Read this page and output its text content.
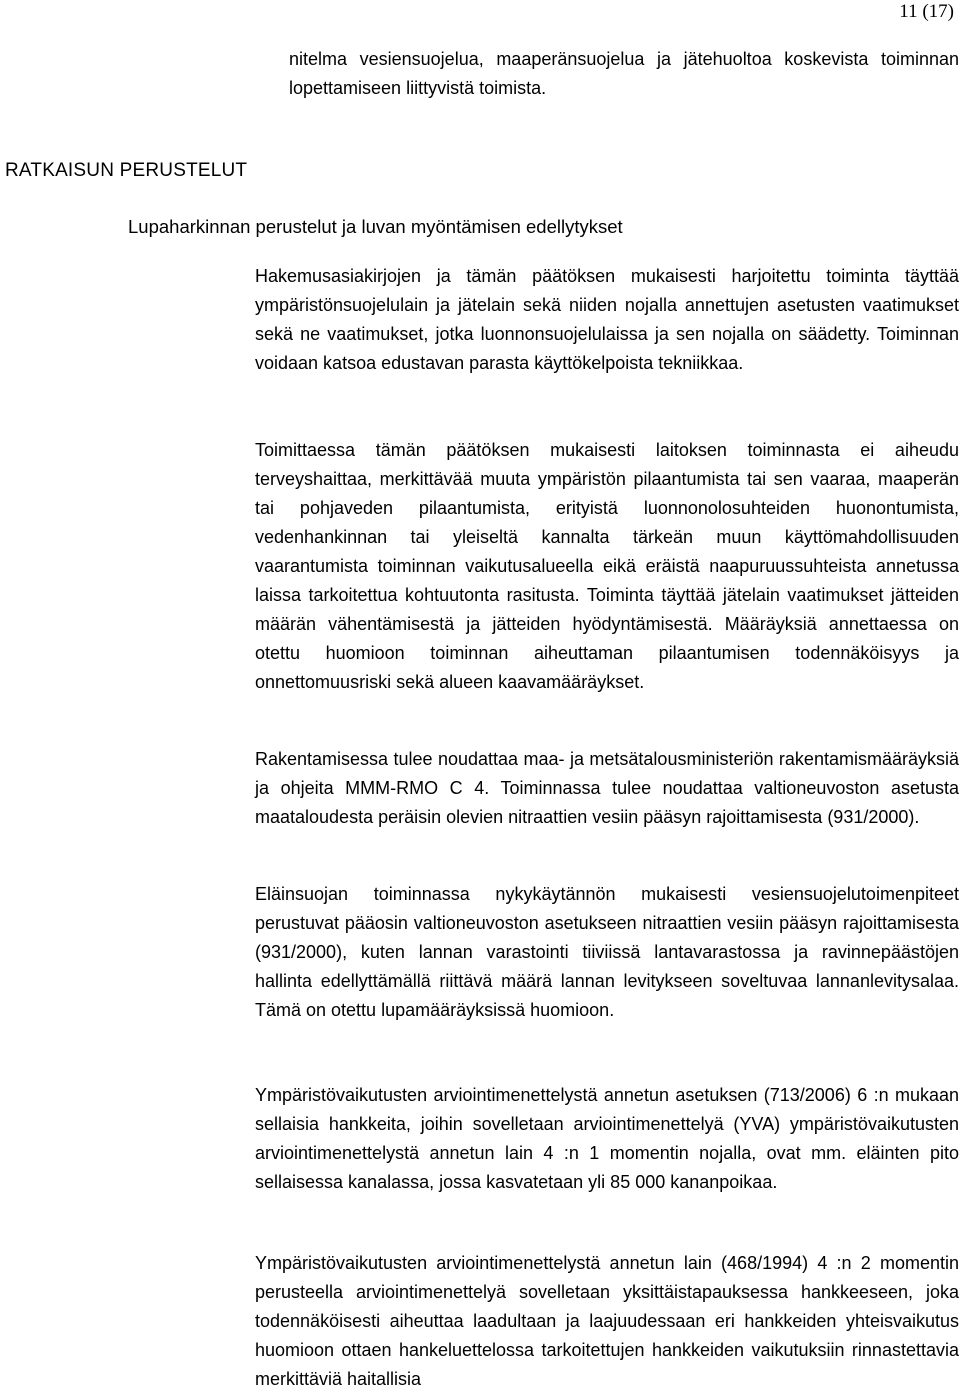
11 (17)

nitelma vesiensuojelua, maaperänsuojelua ja jätehuoltoa koskevista toiminnan lopettamiseen liittyvistä toimista.

RATKAISUN PERUSTELUT
Lupaharkinnan perustelut ja luvan myöntämisen edellytykset

Hakemusasiakirjojen ja tämän päätöksen mukaisesti harjoitettu toiminta täyttää ympäristönsuojelulain ja jätelain sekä niiden nojalla annettujen asetusten vaatimukset sekä ne vaatimukset, jotka luonnonsuojelulaissa ja sen nojalla on säädetty. Toiminnan voidaan katsoa edustavan parasta käyttökelpoista tekniikkaa.

Toimittaessa tämän päätöksen mukaisesti laitoksen toiminnasta ei aiheudu terveyshaittaa, merkittävää muuta ympäristön pilaantumista tai sen vaaraa, maaperän tai pohjaveden pilaantumista, erityistä luonnonolosuhteiden huonontumista, vedenhankinnan tai yleiseltä kannalta tärkeän muun käyttömahdollisuuden vaarantumista toiminnan vaikutusalueella eikä eräistä naapuruussuhteista annetussa laissa tarkoitettua kohtuutonta rasitusta. Toiminta täyttää jätelain vaatimukset jätteiden määrän vähentämisestä ja jätteiden hyödyntämisestä. Määräyksiä annettaessa on otettu huomioon toiminnan aiheuttaman pilaantumisen todennäköisyys ja onnettomuusriski sekä alueen kaavamääräykset.

Rakentamisessa tulee noudattaa maa- ja metsätalousministeriön rakentamismääräyksiä ja ohjeita MMM-RMO C 4. Toiminnassa tulee noudattaa valtioneuvoston asetusta maataloudesta peräisin olevien nitraattien vesiin pääsyn rajoittamisesta (931/2000).

Eläinsuojan toiminnassa nykykäytännön mukaisesti vesiensuojelutoimenpiteet perustuvat pääosin valtioneuvoston asetukseen nitraattien vesiin pääsyn rajoittamisesta (931/2000), kuten lannan varastointi tiiviissä lantavarastossa ja ravinnepäästöjen hallinta edellyttämällä riittävä määrä lannan levitykseen soveltuvaa lannanlevitysalaa. Tämä on otettu lupamääräyksissä huomioon.

Ympäristövaikutusten arviointimenettelystä annetun asetuksen (713/2006) 6 :n mukaan sellaisia hankkeita, joihin sovelletaan arviointimenettelyä (YVA) ympäristövaikutusten arviointimenettelystä annetun lain 4 :n 1 momentin nojalla, ovat mm. eläinten pito sellaisessa kanalassa, jossa kasvatetaan yli 85 000 kananpoikaa.

Ympäristövaikutusten arviointimenettelystä annetun lain (468/1994) 4 :n 2 momentin perusteella arviointimenettelyä sovelletaan yksittäistapauksessa hankkeeseen, joka todennäköisesti aiheuttaa laadultaan ja laajuudessaan eri hankkeiden yhteisvaikutus huomioon ottaen hankeluettelossa tarkoitettujen hankkeiden vaikutuksiin rinnastettavia merkittäviä haitallisia
